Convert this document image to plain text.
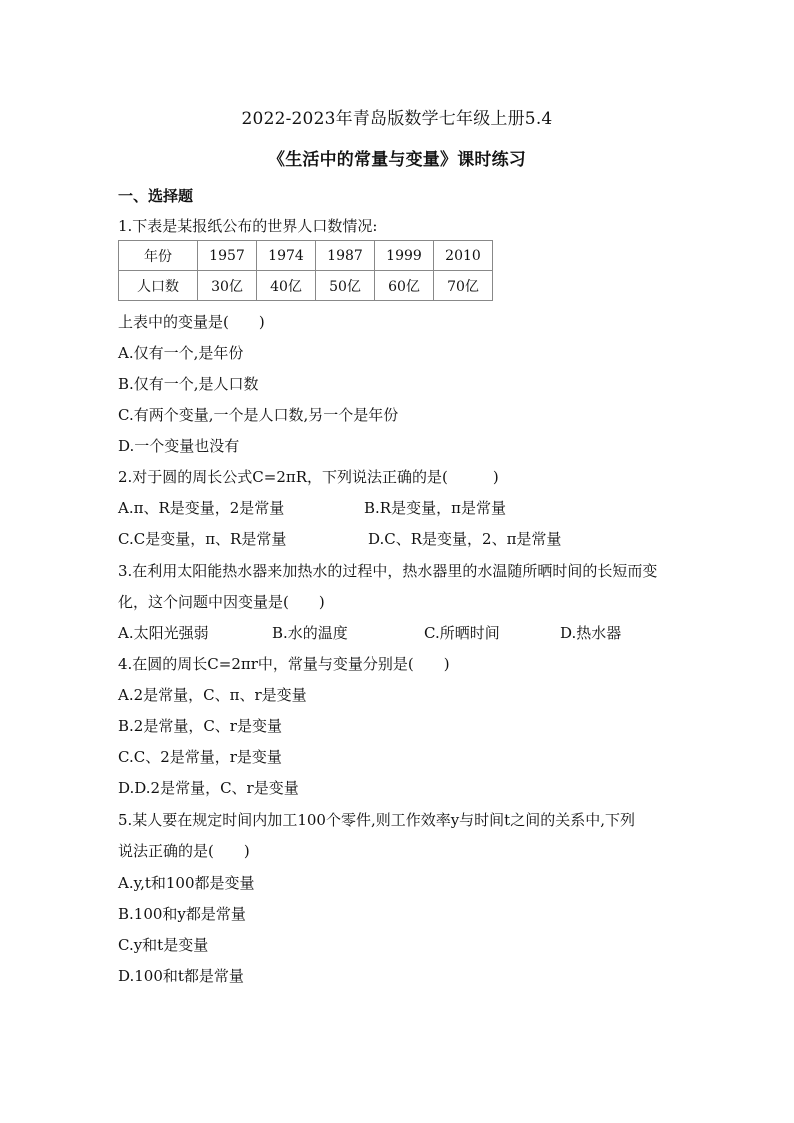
2022-2023年青岛版数学七年级上册5.4
《生活中的常量与变量》课时练习
一、选择题
1.下表是某报纸公布的世界人口数情况:
年份	1957	1974	1987	1999	2010
人口数	30亿	40亿	50亿	60亿	70亿
上表中的变量是(　　)
A.仅有一个,是年份
B.仅有一个,是人口数
C.有两个变量,一个是人口数,另一个是年份
D.一个变量也没有
2.对于圆的周长公式C=2πR，下列说法正确的是(　　　)
A.π、R是变量，2是常量	B.R是变量，π是常量
C.C是变量，π、R是常量	D.C、R是变量，2、π是常量
3.在利用太阳能热水器来加热水的过程中，热水器里的水温随所晒时间的长短而变
化，这个问题中因变量是(　　)
A.太阳光强弱	B.水的温度	C.所晒时间	D.热水器
4.在圆的周长C=2πr中，常量与变量分别是(　　)
A.2是常量，C、π、r是变量
B.2是常量，C、r是变量
C.C、2是常量，r是变量
D.D.2是常量，C、r是变量
5.某人要在规定时间内加工100个零件,则工作效率y与时间t之间的关系中,下列
说法正确的是(　　)
A.y,t和100都是变量
B.100和y都是常量
C.y和t是变量
D.100和t都是常量
